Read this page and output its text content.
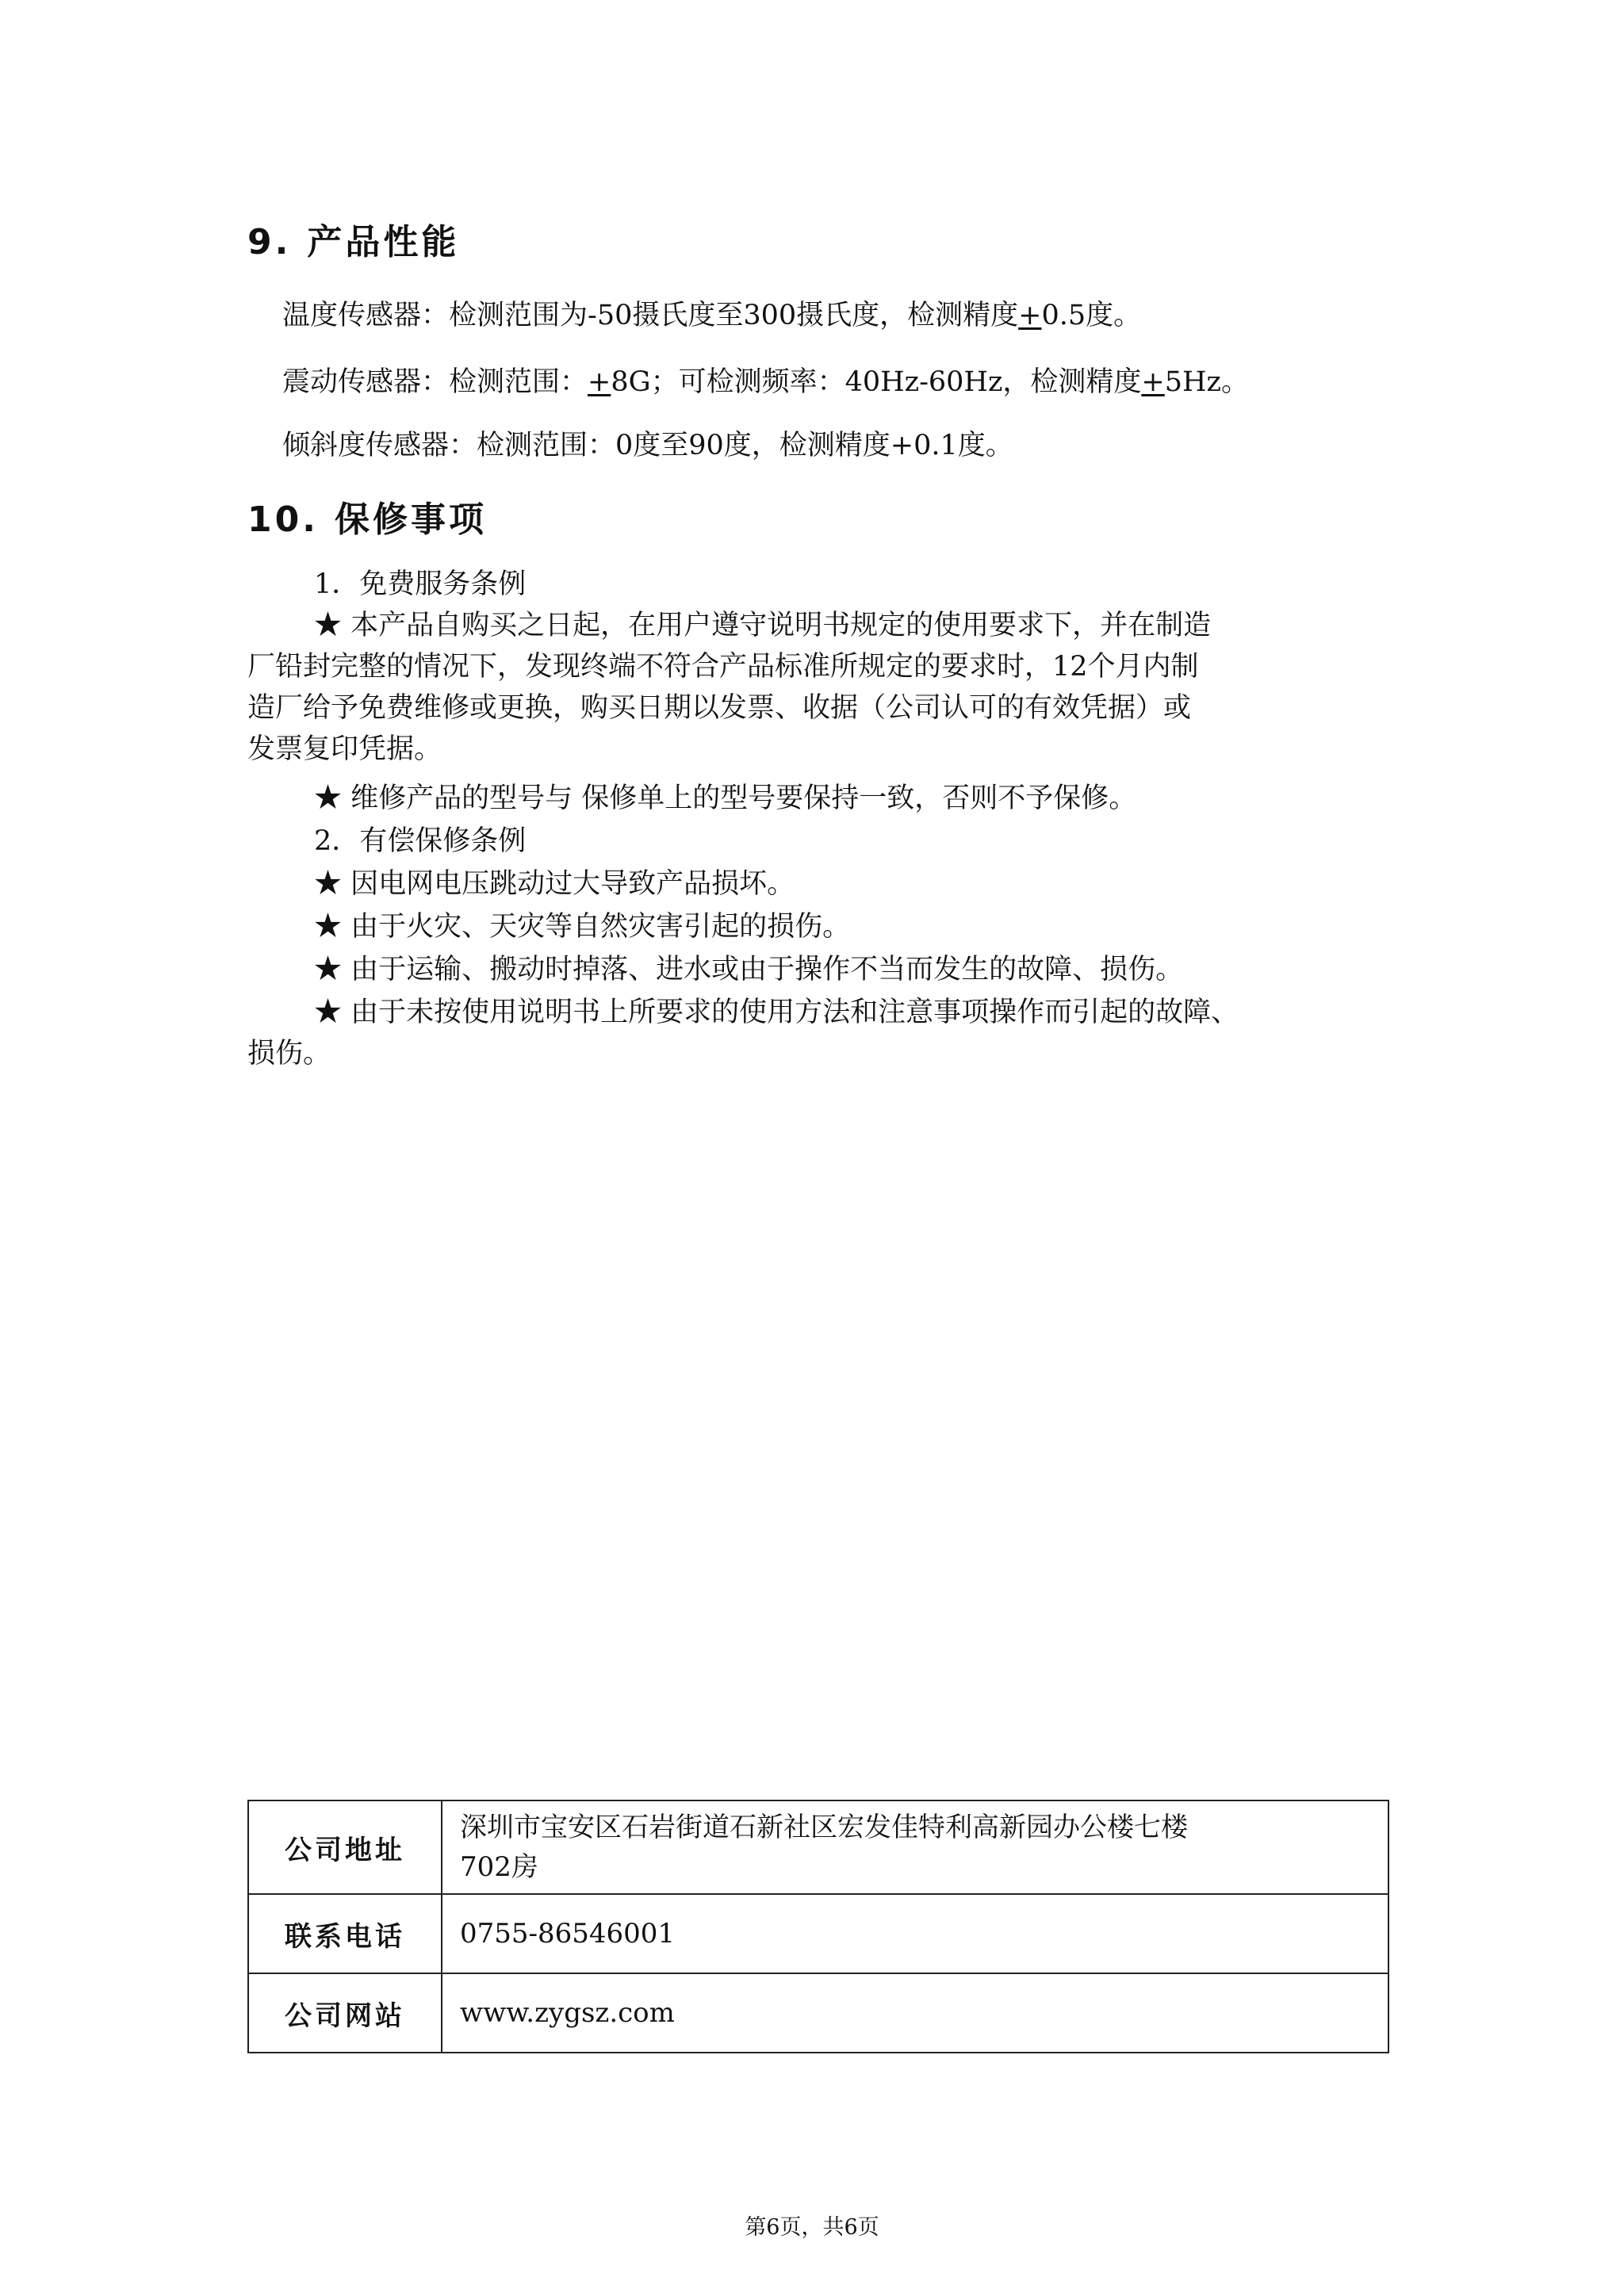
9. 产品性能
温度传感器：检测范围为-50摄氏度至300摄氏度，检测精度+0.5度。
震动传感器：检测范围：+8G；可检测频率：40Hz-60Hz，检测精度+5Hz。
倾斜度传感器：检测范围：0度至90度，检测精度+0.1度。
10. 保修事项
1．免费服务条例
★ 本产品自购买之日起，在用户遵守说明书规定的使用要求下，并在制造
厂铅封完整的情况下，发现终端不符合产品标准所规定的要求时，12个月内制
造厂给予免费维修或更换，购买日期以发票、收据（公司认可的有效凭据）或
发票复印凭据。
★ 维修产品的型号与 保修单上的型号要保持一致，否则不予保修。
2．有偿保修条例
★ 因电网电压跳动过大导致产品损坏。
★ 由于火灾、天灾等自然灾害引起的损伤。
★ 由于运输、搬动时掉落、进水或由于操作不当而发生的故障、损伤。
★ 由于未按使用说明书上所要求的使用方法和注意事项操作而引起的故障、
损伤。
公司地址	深圳市宝安区石岩街道石新社区宏发佳特利高新园办公楼七楼
702房

联系电话	0755-86546001
公司网站	www.zygsz.com
第6页，共6页
